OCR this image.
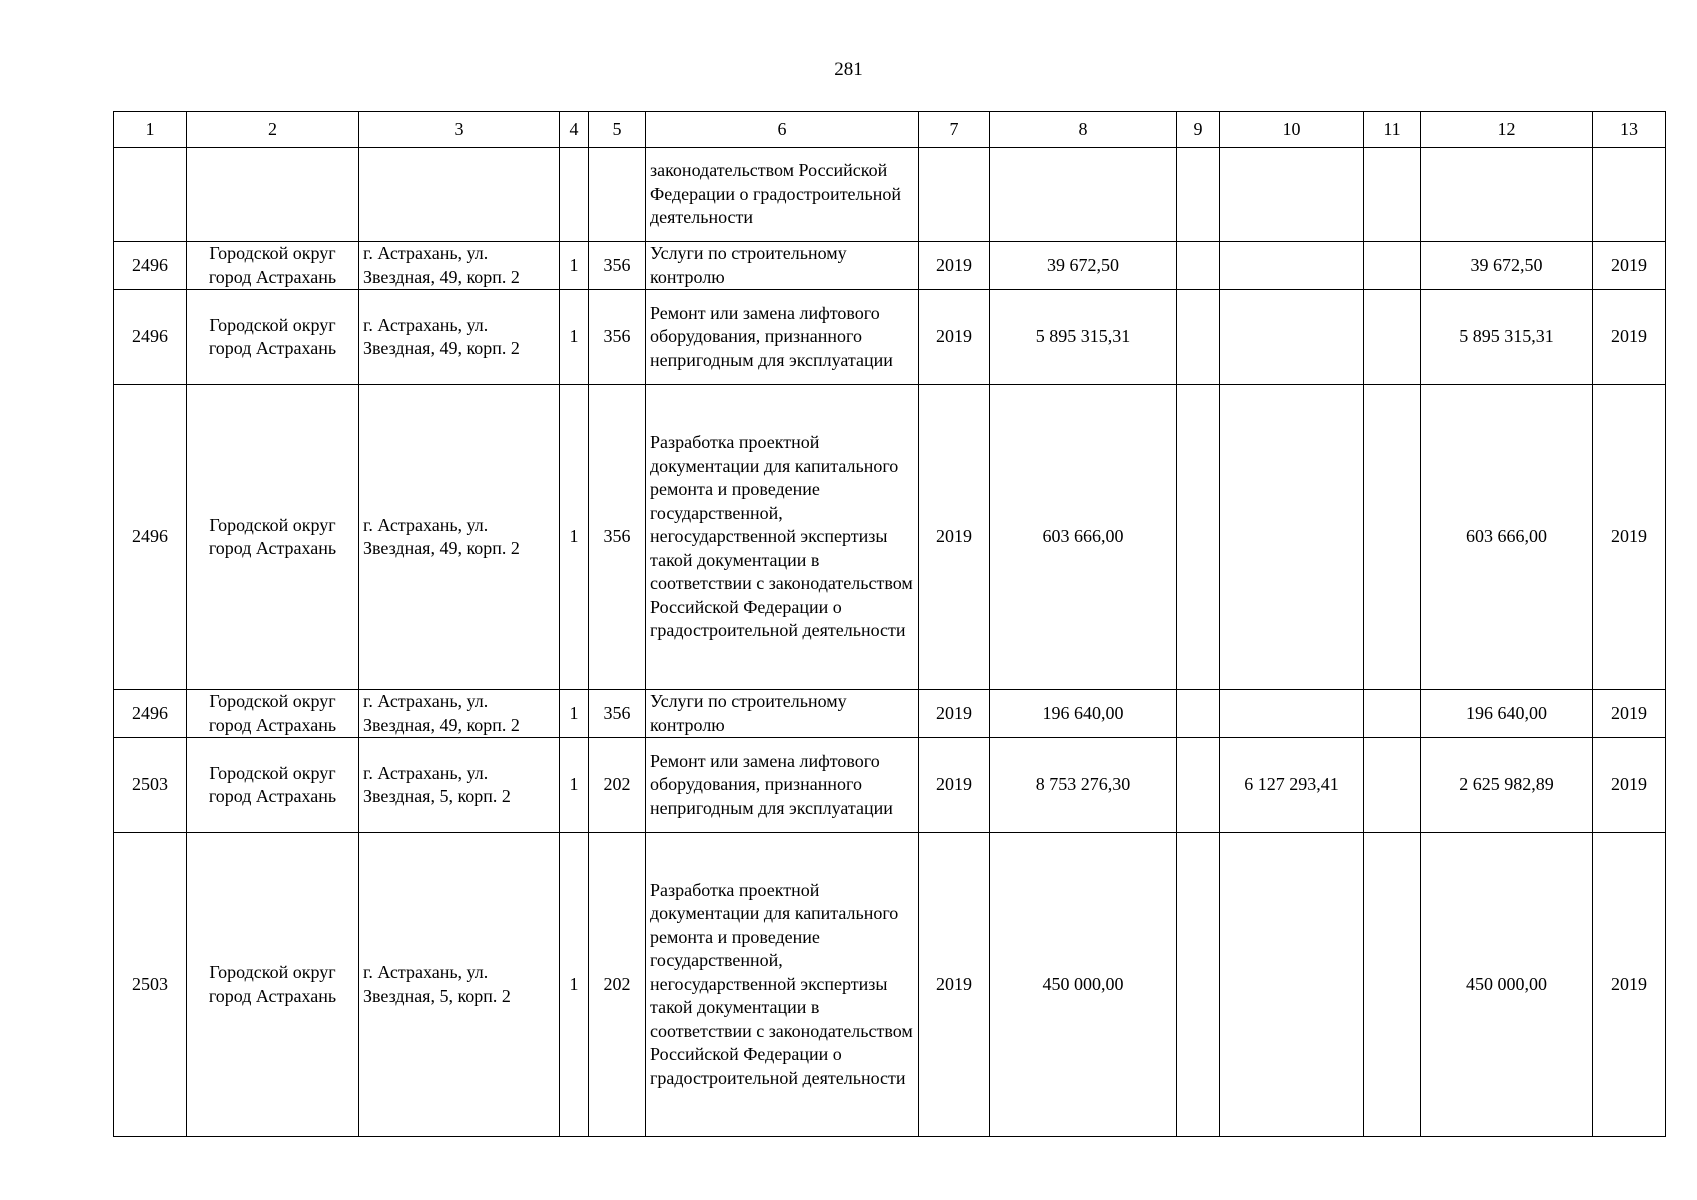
281
1	2	3	4	5	6	7	8	9	10	11	12	13
					законодательством Российской Федерации о градостроительной деятельности							
2496	Городской округ город Астрахань	г. Астрахань, ул. Звездная, 49, корп. 2	1	356	Услуги по строительному контролю	2019	39 672,50				39 672,50	2019
2496	Городской округ город Астрахань	г. Астрахань, ул. Звездная, 49, корп. 2	1	356	Ремонт или замена лифтового оборудования, признанного непригодным для эксплуатации	2019	5 895 315,31				5 895 315,31	2019
2496	Городской округ город Астрахань	г. Астрахань, ул. Звездная, 49, корп. 2	1	356	Разработка проектной документации для капитального ремонта и проведение государственной, негосударственной экспертизы такой документации в соответствии с законодательством Российской Федерации о градостроительной деятельности	2019	603 666,00				603 666,00	2019
2496	Городской округ город Астрахань	г. Астрахань, ул. Звездная, 49, корп. 2	1	356	Услуги по строительному контролю	2019	196 640,00				196 640,00	2019
2503	Городской округ город Астрахань	г. Астрахань, ул. Звездная, 5, корп. 2	1	202	Ремонт или замена лифтового оборудования, признанного непригодным для эксплуатации	2019	8 753 276,30		6 127 293,41		2 625 982,89	2019
2503	Городской округ город Астрахань	г. Астрахань, ул. Звездная, 5, корп. 2	1	202	Разработка проектной документации для капитального ремонта и проведение государственной, негосударственной экспертизы такой документации в соответствии с законодательством Российской Федерации о градостроительной деятельности	2019	450 000,00				450 000,00	2019
